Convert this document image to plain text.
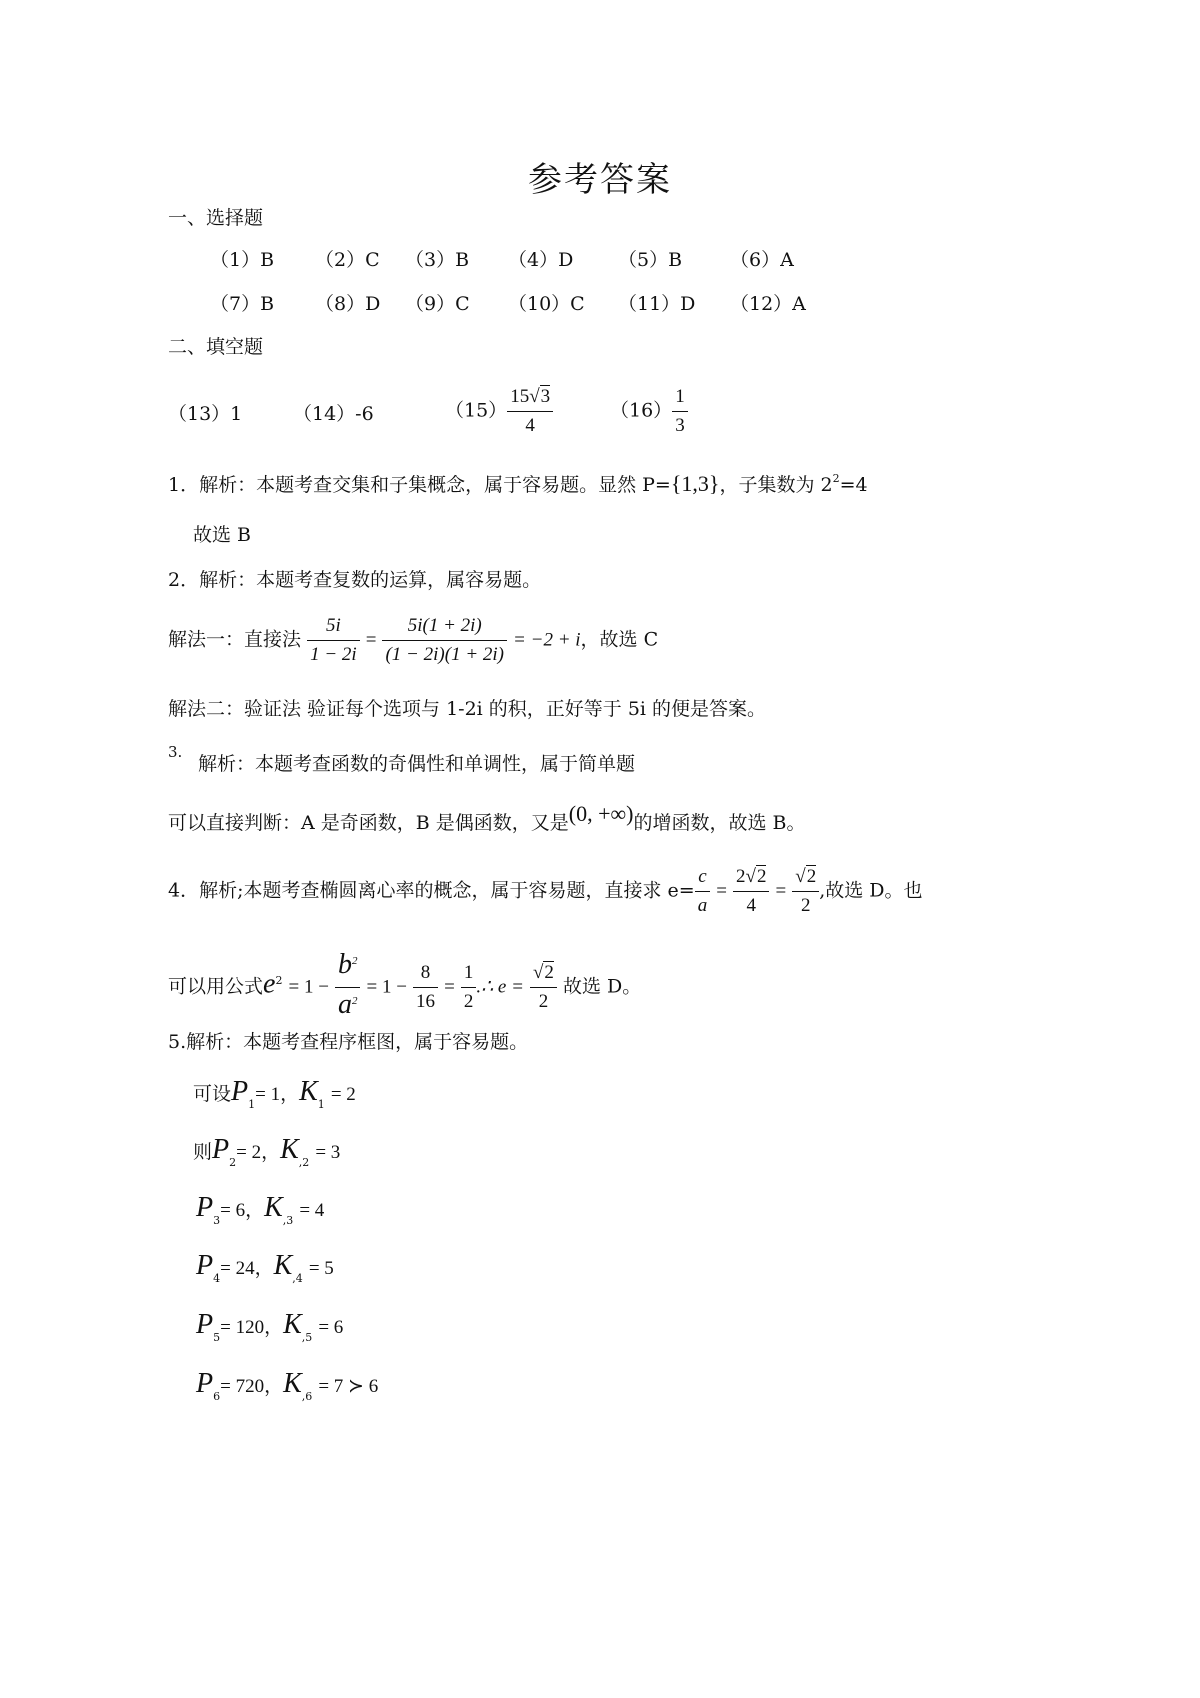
参考答案
一、选择题
（1）B （2）C （3）B （4）D （5）B	（6）A
（7）B （8）D （9）C （10）C （11）D （12）A
二、填空题
（13）1	（14）-6	$(15) \frac{15√3}{4}$	$(16) \frac{1}{3}$
1．解析：本题考查交集和子集概念，属于容易题。显然 P={1,3}，子集数为 $2^2=4$
故选 B
2．解析：本题考查复数的运算，属容易题。
解法一：直接法 $\frac{5i}{1 - 2i} = \frac{5i(1 + 2i)}{(1 - 2i)(1 + 2i)} = -2 + i$，故选 C
解法二：验证法 验证每个选项与 1-2i 的积，正好等于 5i 的便是答案。
3.
解析：本题考查函数的奇偶性和单调性，属于简单题
可以直接判断：A 是奇函数，B 是偶函数，又是(0, +∞)的增函数，故选 B。
4．解析;本题考查椭圆离心率的概念，属于容易题，直接求 $e= \frac{c}{a} = \frac{2√2}{4} = \frac{√2}{2}$ ,故选 D。也
可以用公式$e^2 = 1 - \frac{b^2}{a^2} = 1 - \frac{8}{16} = \frac{1}{2}$ .∴ $e = \frac{√2}{2}$ 故选 D。
5.解析：本题考查程序框图，属于容易题。
可设$P_1= 1$，$K_1 = 2$
则$P_2= 2$，$K_{,2} = 3$
$P_3= 6$，$K_{,3} = 4$
$P_4= 24$，$K_{,4} = 5$
$P_5= 120$，$K_{,5} = 6$
$P_6= 720$，$K_{,6} = 7$ ≻ 6
